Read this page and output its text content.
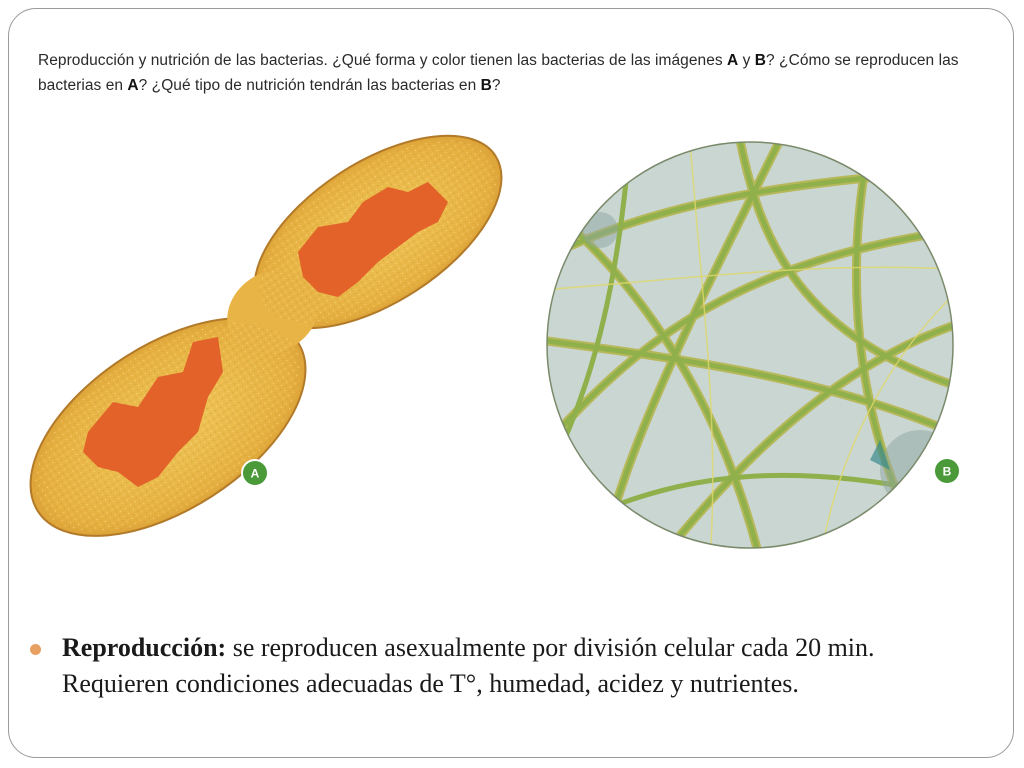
Reproducción y nutrición de las bacterias. ¿Qué forma y color tienen las bacterias de las imágenes A y B? ¿Cómo se reproducen las bacterias en A? ¿Qué tipo de nutrición tendrán las bacterias en B?
A	B
Reproducción: se reproducen asexualmente por división celular cada 20 min. Requieren condiciones adecuadas de T°, humedad, acidez y nutrientes.
